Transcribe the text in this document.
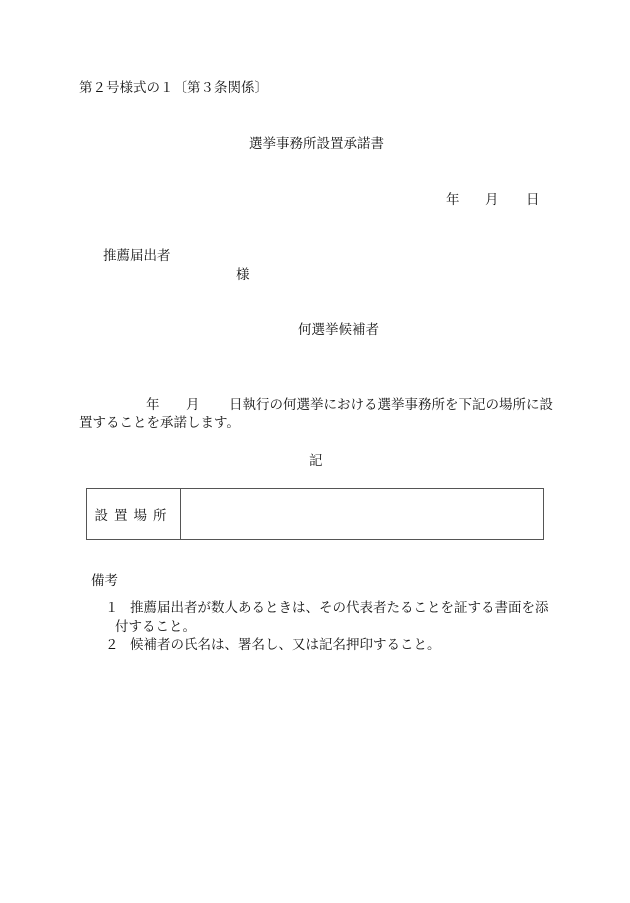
第２号様式の１〔第３条関係〕
選挙事務所設置承諾書
年 月 日
推薦届出者
様
何選挙候補者
年 月 日執行の何選挙における選挙事務所を下記の場所に設
置することを承諾します。
記
設置場所
備考
１ 推薦届出者が数人あるときは、その代表者たることを証する書面を添
付すること。
２ 候補者の氏名は、署名し、又は記名押印すること。
